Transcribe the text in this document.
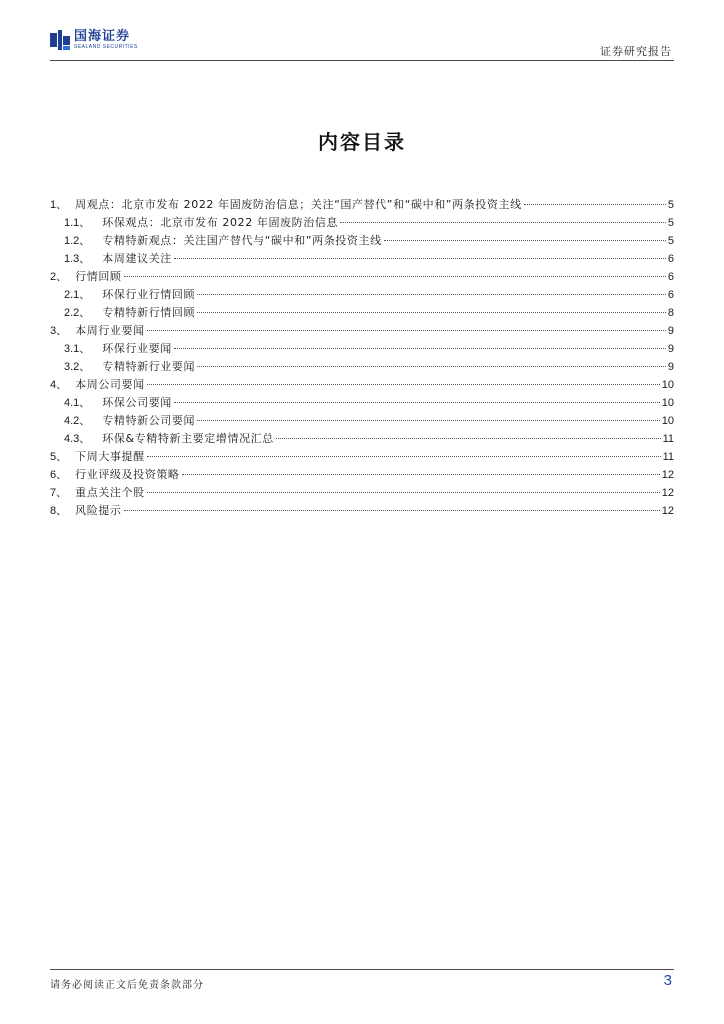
国海证券
SEALAND SECURITIES	证券研究报告
内容目录
1、 周观点：北京市发布 2022 年固废防治信息；关注“国产替代”和“碳中和”两条投资主线	5
1.1、 环保观点：北京市发布 2022 年固废防治信息	5
1.2、 专精特新观点：关注国产替代与“碳中和”两条投资主线	5
1.3、 本周建议关注	6
2、 行情回顾	6
2.1、 环保行业行情回顾	6
2.2、 专精特新行情回顾	8
3、 本周行业要闻	9
3.1、 环保行业要闻	9
3.2、 专精特新行业要闻	9
4、 本周公司要闻	10
4.1、 环保公司要闻	10
4.2、 专精特新公司要闻	10
4.3、 环保&专精特新主要定增情况汇总	11
5、 下周大事提醒	11
6、 行业评级及投资策略	12
7、 重点关注个股	12
8、 风险提示	12
请务必阅读正文后免责条款部分	3
